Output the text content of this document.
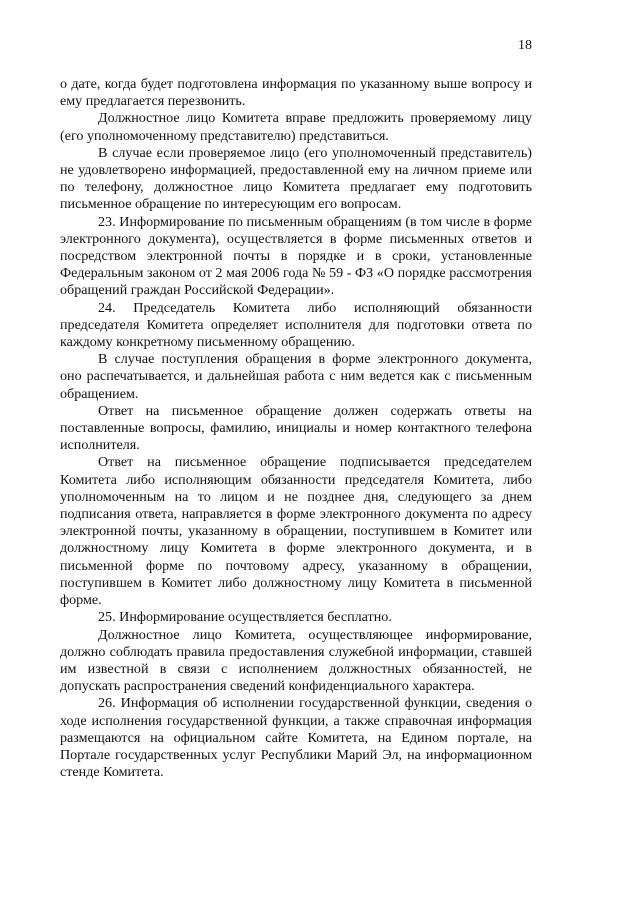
18

о дате, когда будет подготовлена информация по указанному выше вопросу и ему предлагается перезвонить.

Должностное лицо Комитета вправе предложить проверяемому лицу (его уполномоченному представителю) представиться.

В случае если проверяемое лицо (его уполномоченный представитель) не удовлетворено информацией, предоставленной ему на личном приеме или по телефону, должностное лицо Комитета предлагает ему подготовить письменное обращение по интересующим его вопросам.

23. Информирование по письменным обращениям (в том числе в форме электронного документа), осуществляется в форме письменных ответов и посредством электронной почты в порядке и в сроки, установленные Федеральным законом от 2 мая 2006 года № 59 - ФЗ «О порядке рассмотрения обращений граждан Российской Федерации».

24. Председатель Комитета либо исполняющий обязанности председателя Комитета определяет исполнителя для подготовки ответа по каждому конкретному письменному обращению.

В случае поступления обращения в форме электронного документа, оно распечатывается, и дальнейшая работа с ним ведется как с письменным обращением.

Ответ на письменное обращение должен содержать ответы на поставленные вопросы, фамилию, инициалы и номер контактного телефона исполнителя.

Ответ на письменное обращение подписывается председателем Комитета либо исполняющим обязанности председателя Комитета, либо уполномоченным на то лицом и не позднее дня, следующего за днем подписания ответа, направляется в форме электронного документа по адресу электронной почты, указанному в обращении, поступившем в Комитет или должностному лицу Комитета в форме электронного документа, и в письменной форме по почтовому адресу, указанному в обращении, поступившем в Комитет либо должностному лицу Комитета в письменной форме.

25. Информирование осуществляется бесплатно.

Должностное лицо Комитета, осуществляющее информирование, должно соблюдать правила предоставления служебной информации, ставшей им известной в связи с исполнением должностных обязанностей, не допускать распространения сведений конфиденциального характера.

26. Информация об исполнении государственной функции, сведения о ходе исполнения государственной функции, а также справочная информация размещаются на официальном сайте Комитета, на Едином портале, на Портале государственных услуг Республики Марий Эл, на информационном стенде Комитета.
